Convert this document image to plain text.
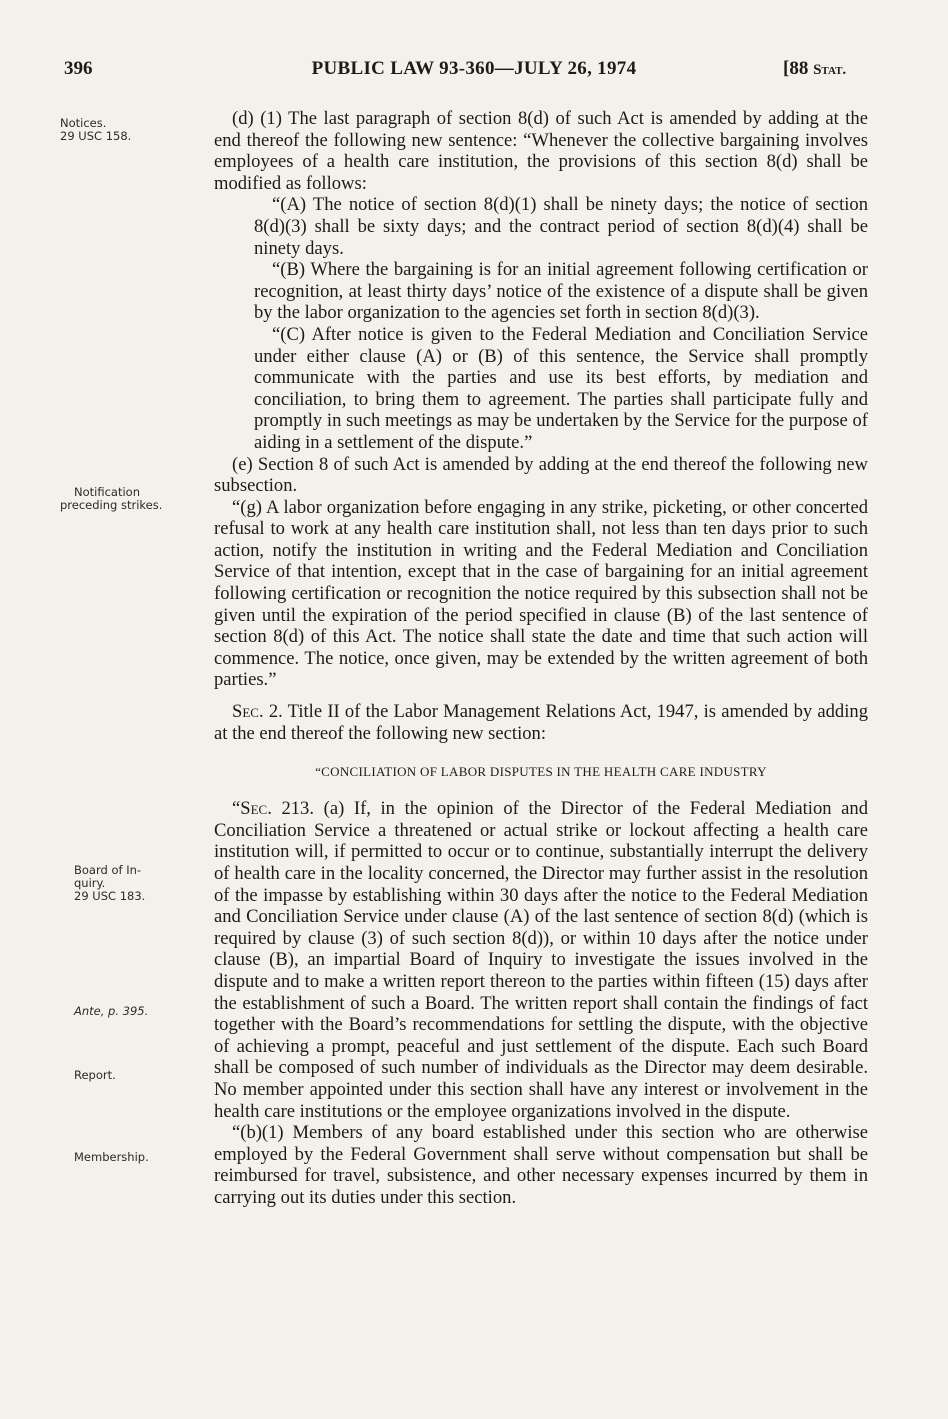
396	PUBLIC LAW 93-360—JULY 26, 1974	[88 Stat.
Notices.
29 USC 158.
Notification
preceding strikes.
Board of In-
quiry.
29 USC 183.
Ante, p. 395.
Report.
Membership.

(d) (1) The last paragraph of section 8(d) of such Act is amended by adding at the end thereof the following new sentence: “Whenever the collective bargaining involves employees of a health care institution, the provisions of this section 8(d) shall be modified as follows:

“(A) The notice of section 8(d)(1) shall be ninety days; the notice of section 8(d)(3) shall be sixty days; and the contract period of section 8(d)(4) shall be ninety days.

“(B) Where the bargaining is for an initial agreement following certification or recognition, at least thirty days’ notice of the existence of a dispute shall be given by the labor organization to the agencies set forth in section 8(d)(3).

“(C) After notice is given to the Federal Mediation and Conciliation Service under either clause (A) or (B) of this sentence, the Service shall promptly communicate with the parties and use its best efforts, by mediation and conciliation, to bring them to agreement. The parties shall participate fully and promptly in such meetings as may be undertaken by the Service for the purpose of aiding in a settlement of the dispute.”

(e) Section 8 of such Act is amended by adding at the end thereof the following new subsection.

“(g) A labor organization before engaging in any strike, picketing, or other concerted refusal to work at any health care institution shall, not less than ten days prior to such action, notify the institution in writing and the Federal Mediation and Conciliation Service of that intention, except that in the case of bargaining for an initial agreement following certification or recognition the notice required by this subsection shall not be given until the expiration of the period specified in clause (B) of the last sentence of section 8(d) of this Act. The notice shall state the date and time that such action will commence. The notice, once given, may be extended by the written agreement of both parties.”

Sec. 2. Title II of the Labor Management Relations Act, 1947, is amended by adding at the end thereof the following new section:

“CONCILIATION OF LABOR DISPUTES IN THE HEALTH CARE INDUSTRY

“Sec. 213. (a) If, in the opinion of the Director of the Federal Mediation and Conciliation Service a threatened or actual strike or lockout affecting a health care institution will, if permitted to occur or to continue, substantially interrupt the delivery of health care in the locality concerned, the Director may further assist in the resolution of the impasse by establishing within 30 days after the notice to the Federal Mediation and Conciliation Service under clause (A) of the last sentence of section 8(d) (which is required by clause (3) of such section 8(d)), or within 10 days after the notice under clause (B), an impartial Board of Inquiry to investigate the issues involved in the dispute and to make a written report thereon to the parties within fifteen (15) days after the establishment of such a Board. The written report shall contain the findings of fact together with the Board’s recommendations for settling the dispute, with the objective of achieving a prompt, peaceful and just settlement of the dispute. Each such Board shall be composed of such number of individuals as the Director may deem desirable. No member appointed under this section shall have any interest or involvement in the health care institutions or the employee organizations involved in the dispute.

“(b)(1) Members of any board established under this section who are otherwise employed by the Federal Government shall serve without compensation but shall be reimbursed for travel, subsistence, and other necessary expenses incurred by them in carrying out its duties under this section.
